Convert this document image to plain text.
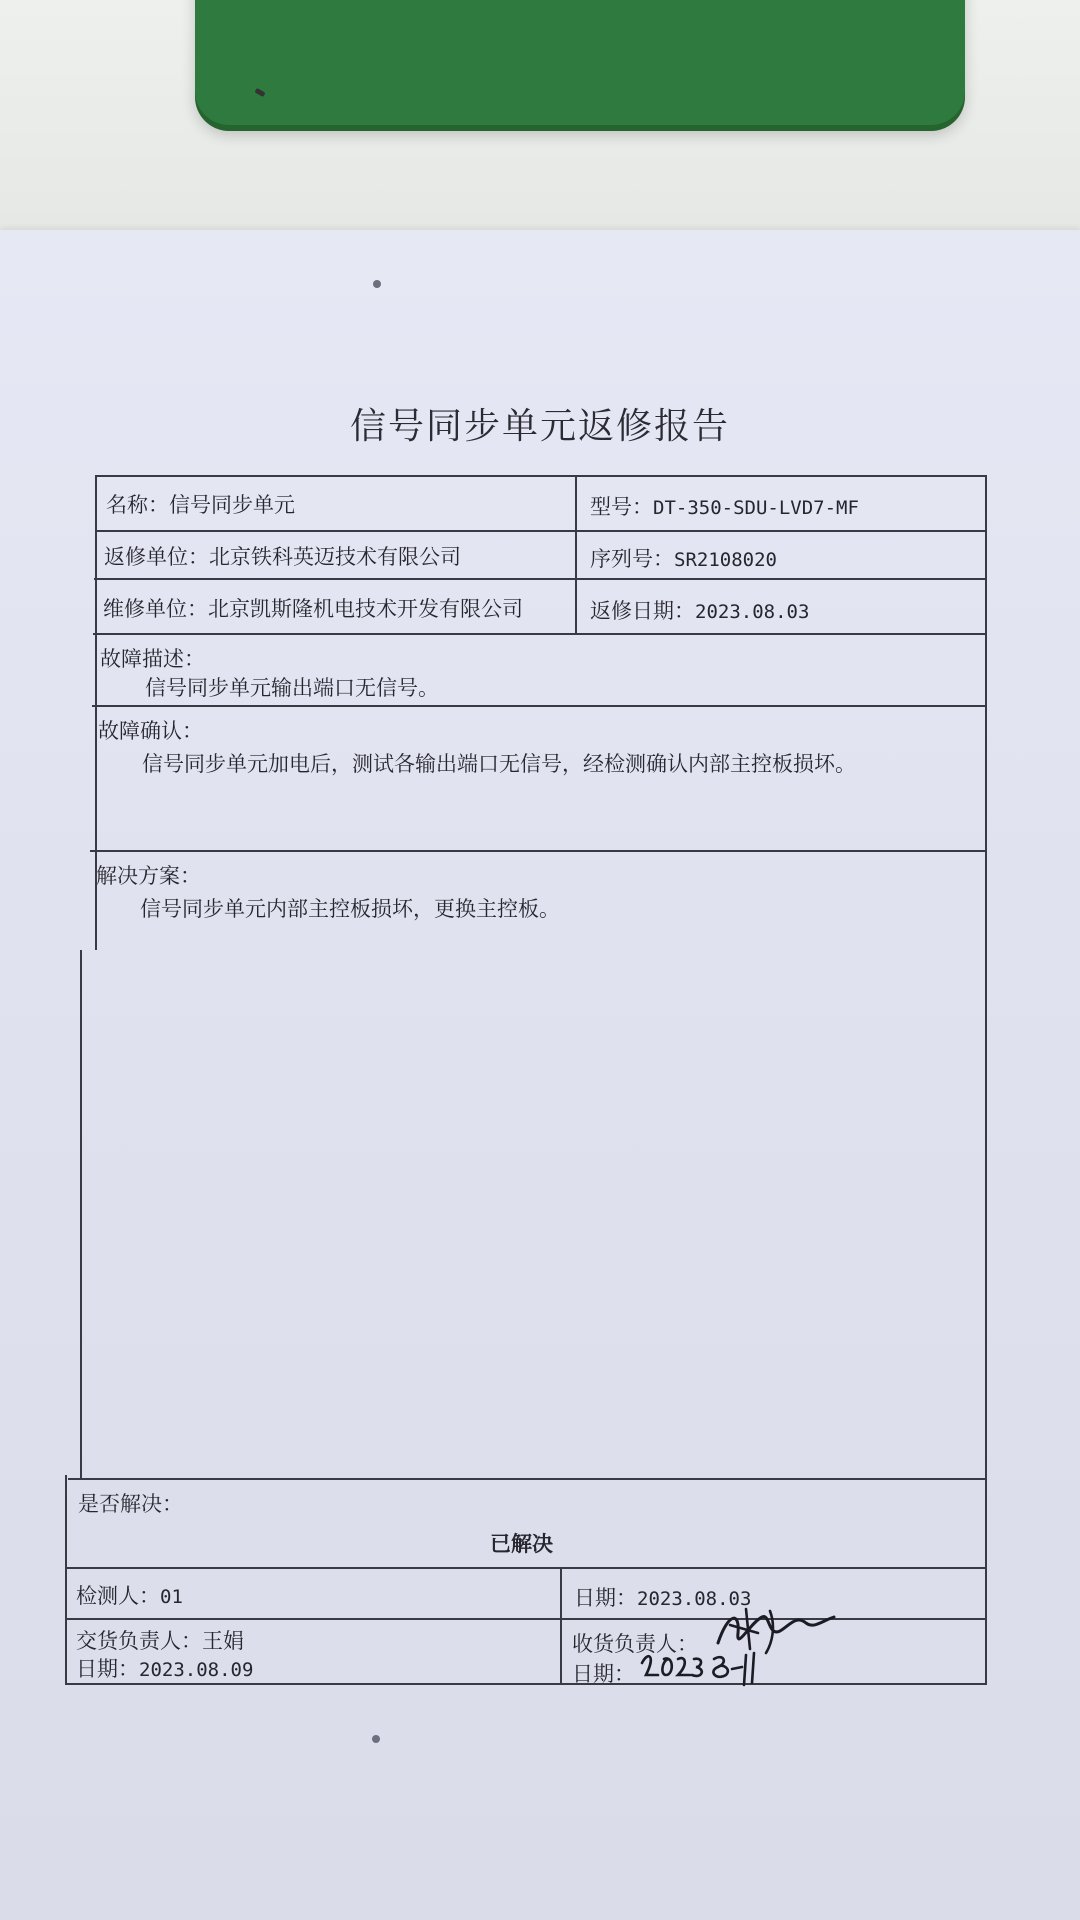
信号同步单元返修报告
名称：信号同步单元	型号：DT-350-SDU-LVD7-MF
返修单位：北京铁科英迈技术有限公司	序列号：SR2108020
维修单位：北京凯斯隆机电技术开发有限公司	返修日期：2023.08.03
故障描述：
信号同步单元输出端口无信号。
故障确认：
信号同步单元加电后，测试各输出端口无信号，经检测确认内部主控板损坏。
解决方案：
信号同步单元内部主控板损坏，更换主控板。
是否解决：
已解决
检测人：01	日期：2023.08.03
交货负责人：王娟
日期：2023.08.09
收货负责人：
日期：
